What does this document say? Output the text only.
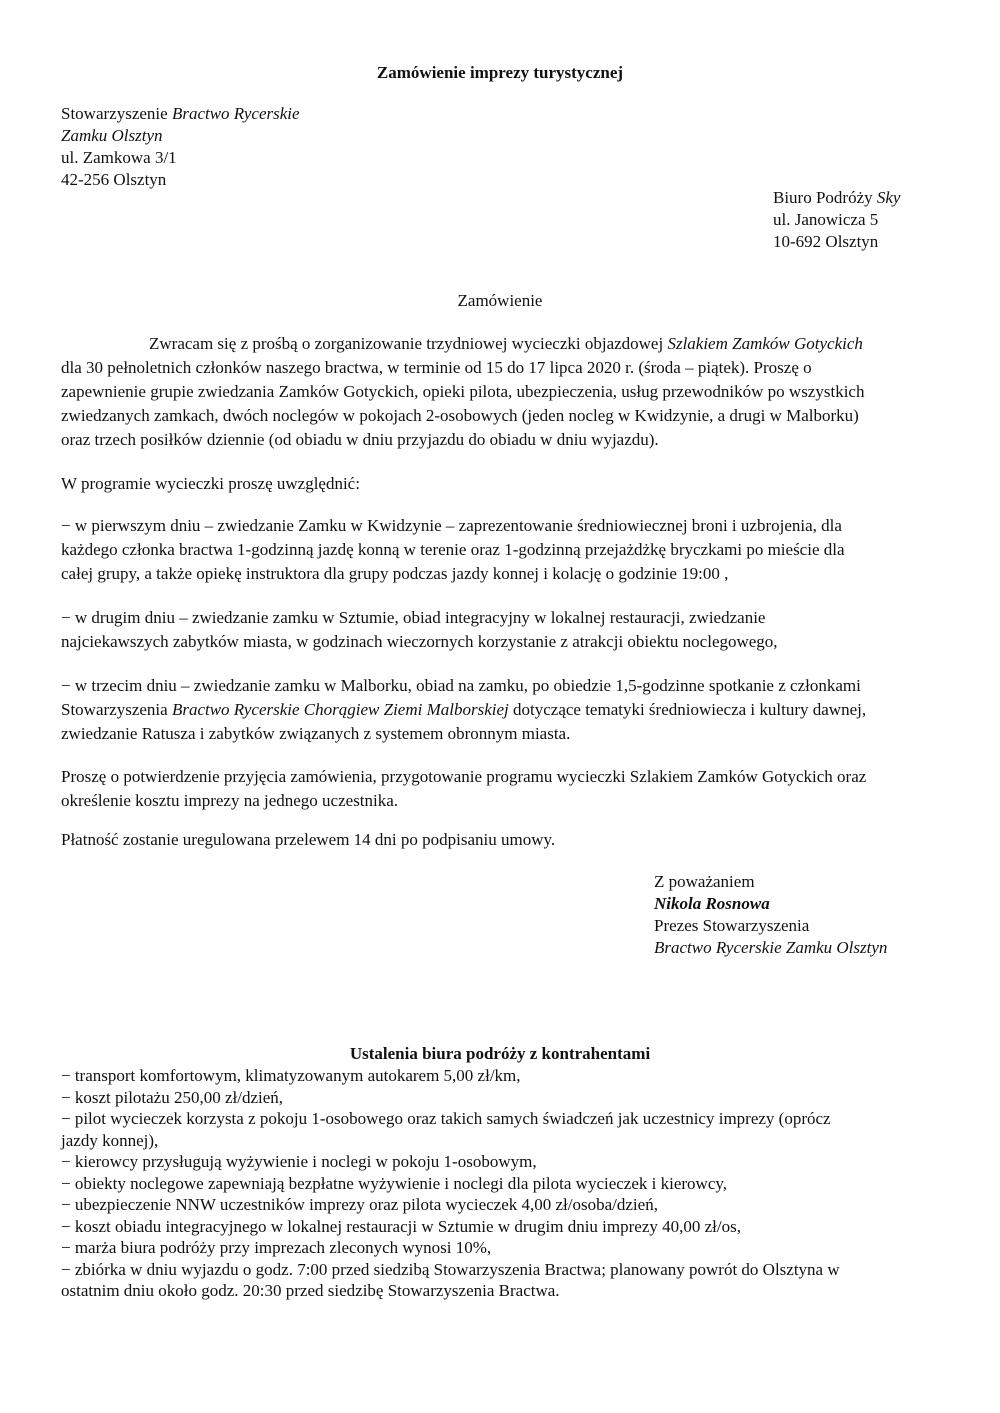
Zamówienie imprezy turystycznej
Stowarzyszenie Bractwo Rycerskie
Zamku Olsztyn
ul. Zamkowa 3/1
42-256 Olsztyn
Biuro Podróży Sky
ul. Janowicza 5
10-692 Olsztyn
Zamówienie
Zwracam się z prośbą o zorganizowanie trzydniowej wycieczki objazdowej Szlakiem Zamków Gotyckich
dla 30 pełnoletnich członków naszego bractwa, w terminie od 15 do 17 lipca 2020 r. (środa – piątek). Proszę o
zapewnienie grupie zwiedzania Zamków Gotyckich, opieki pilota, ubezpieczenia, usług przewodników po wszystkich
zwiedzanych zamkach, dwóch noclegów w pokojach 2-osobowych (jeden nocleg w Kwidzynie, a drugi w Malborku)
oraz trzech posiłków dziennie (od obiadu w dniu przyjazdu do obiadu w dniu wyjazdu).
W programie wycieczki proszę uwzględnić:
− w pierwszym dniu – zwiedzanie Zamku w Kwidzynie – zaprezentowanie średniowiecznej broni i uzbrojenia, dla
każdego członka bractwa 1-godzinną jazdę konną w terenie oraz 1-godzinną przejażdżkę bryczkami po mieście dla
całej grupy, a także opiekę instruktora dla grupy podczas jazdy konnej i kolację o godzinie 19:00 ,
− w drugim dniu – zwiedzanie zamku w Sztumie, obiad integracyjny w lokalnej restauracji, zwiedzanie
najciekawszych zabytków miasta, w godzinach wieczornych korzystanie z atrakcji obiektu noclegowego,
− w trzecim dniu – zwiedzanie zamku w Malborku, obiad na zamku, po obiedzie 1,5-godzinne spotkanie z członkami
Stowarzyszenia Bractwo Rycerskie Chorągiew Ziemi Malborskiej dotyczące tematyki średniowiecza i kultury dawnej,
zwiedzanie Ratusza i zabytków związanych z systemem obronnym miasta.
Proszę o potwierdzenie przyjęcia zamówienia, przygotowanie programu wycieczki Szlakiem Zamków Gotyckich oraz
określenie kosztu imprezy na jednego uczestnika.
Płatność zostanie uregulowana przelewem 14 dni po podpisaniu umowy.
Z poważaniem
Nikola Rosnowa
Prezes Stowarzyszenia
Bractwo Rycerskie Zamku Olsztyn
Ustalenia biura podróży z kontrahentami
− transport komfortowym, klimatyzowanym autokarem 5,00 zł/km,
− koszt pilotażu 250,00 zł/dzień,
− pilot wycieczek korzysta z pokoju 1-osobowego oraz takich samych świadczeń jak uczestnicy imprezy (oprócz
jazdy konnej),
− kierowcy przysługują wyżywienie i noclegi w pokoju 1-osobowym,
− obiekty noclegowe zapewniają bezpłatne wyżywienie i noclegi dla pilota wycieczek i kierowcy,
− ubezpieczenie NNW uczestników imprezy oraz pilota wycieczek 4,00 zł/osoba/dzień,
− koszt obiadu integracyjnego w lokalnej restauracji w Sztumie w drugim dniu imprezy 40,00 zł/os,
− marża biura podróży przy imprezach zleconych wynosi 10%,
− zbiórka w dniu wyjazdu o godz. 7:00 przed siedzibą Stowarzyszenia Bractwa; planowany powrót do Olsztyna w
ostatnim dniu około godz. 20:30 przed siedzibę Stowarzyszenia Bractwa.
